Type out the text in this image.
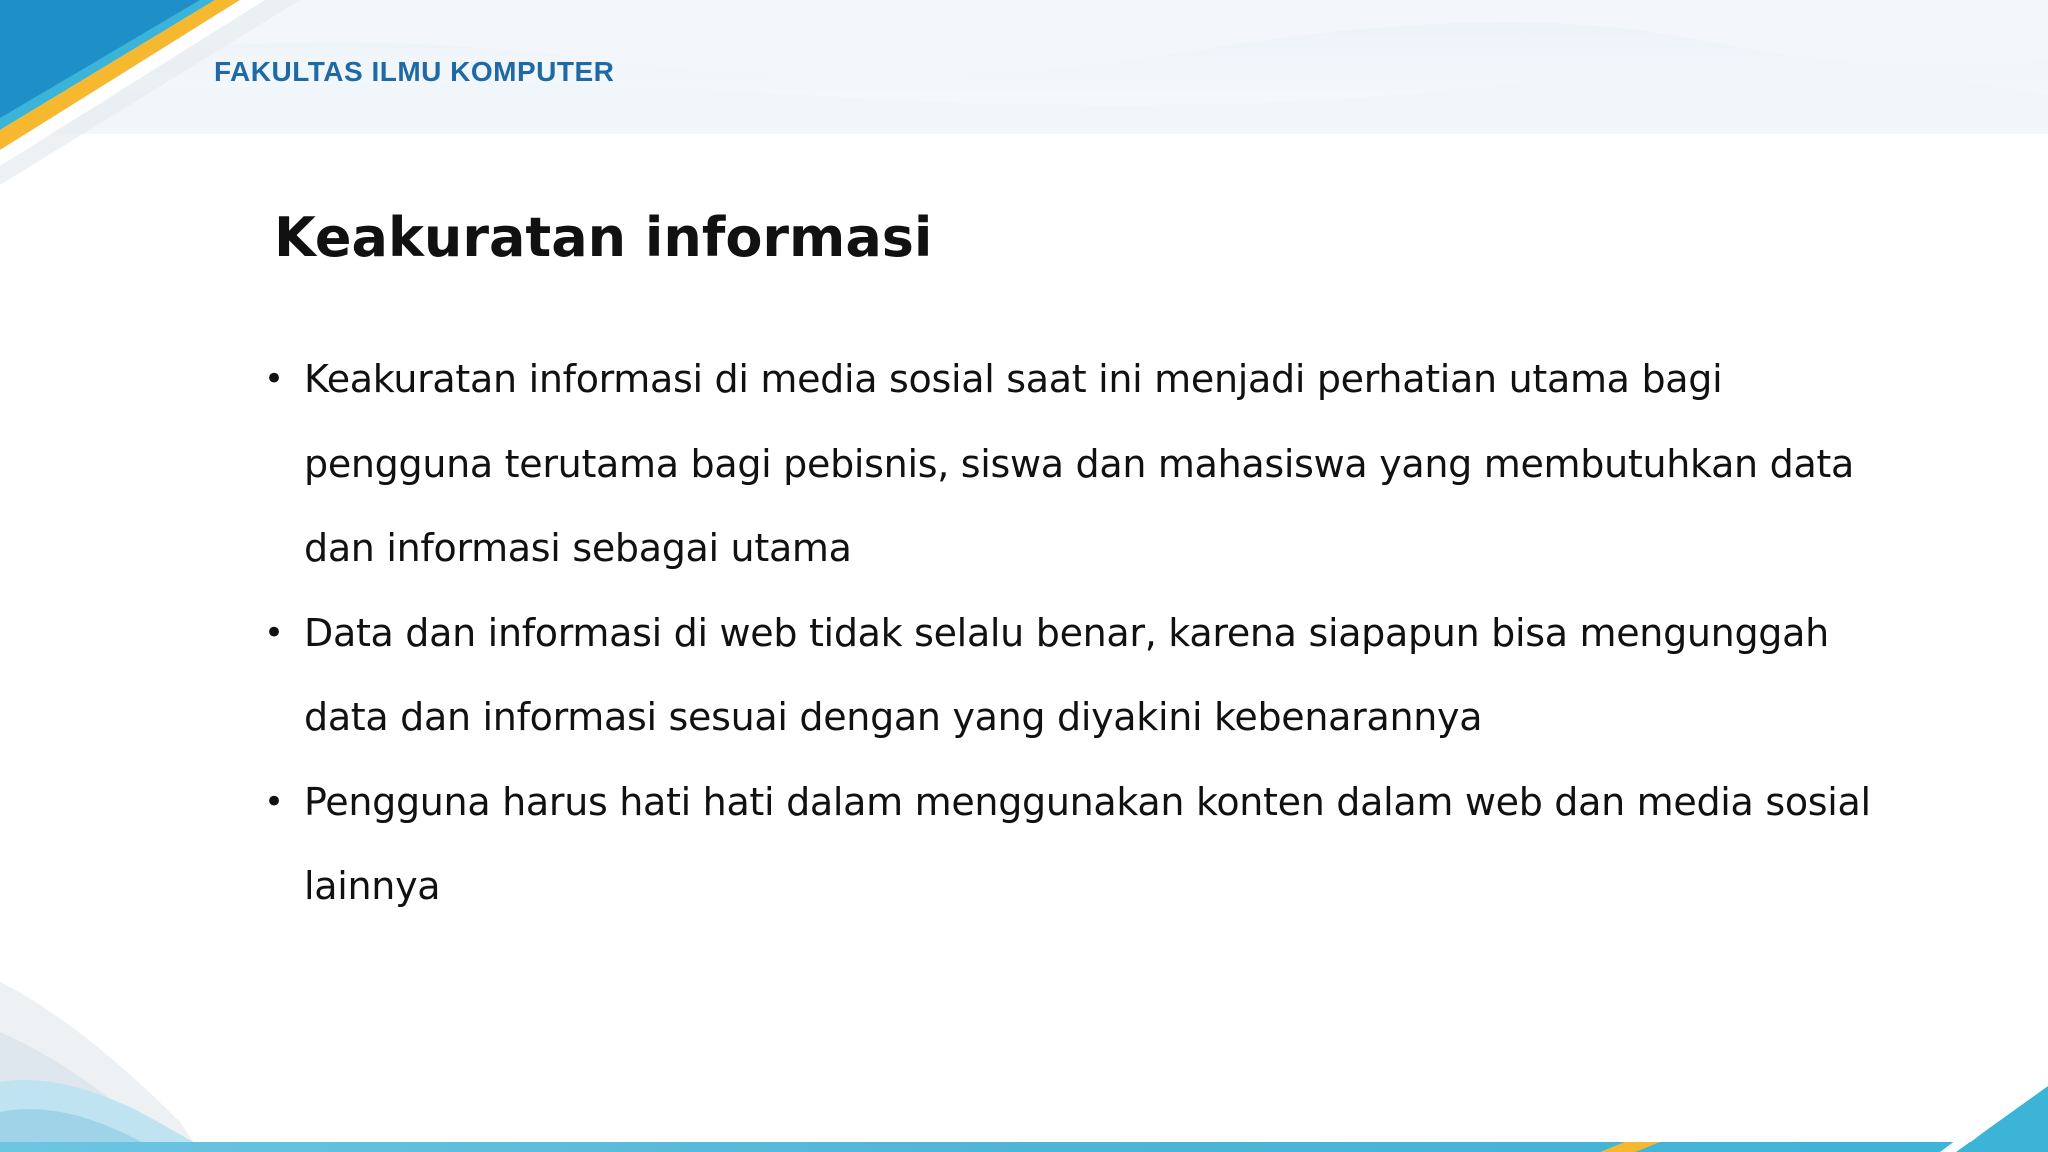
FAKULTAS ILMU KOMPUTER
Keakuratan informasi
• Keakuratan informasi di media sosial saat ini menjadi perhatian utama bagi pengguna terutama bagi pebisnis, siswa dan mahasiswa yang membutuhkan data dan informasi sebagai utama
• Data dan informasi di web tidak selalu benar, karena siapapun bisa mengunggah data dan informasi sesuai dengan yang diyakini kebenarannya
• Pengguna harus hati hati dalam menggunakan konten dalam web dan media sosial lainnya
